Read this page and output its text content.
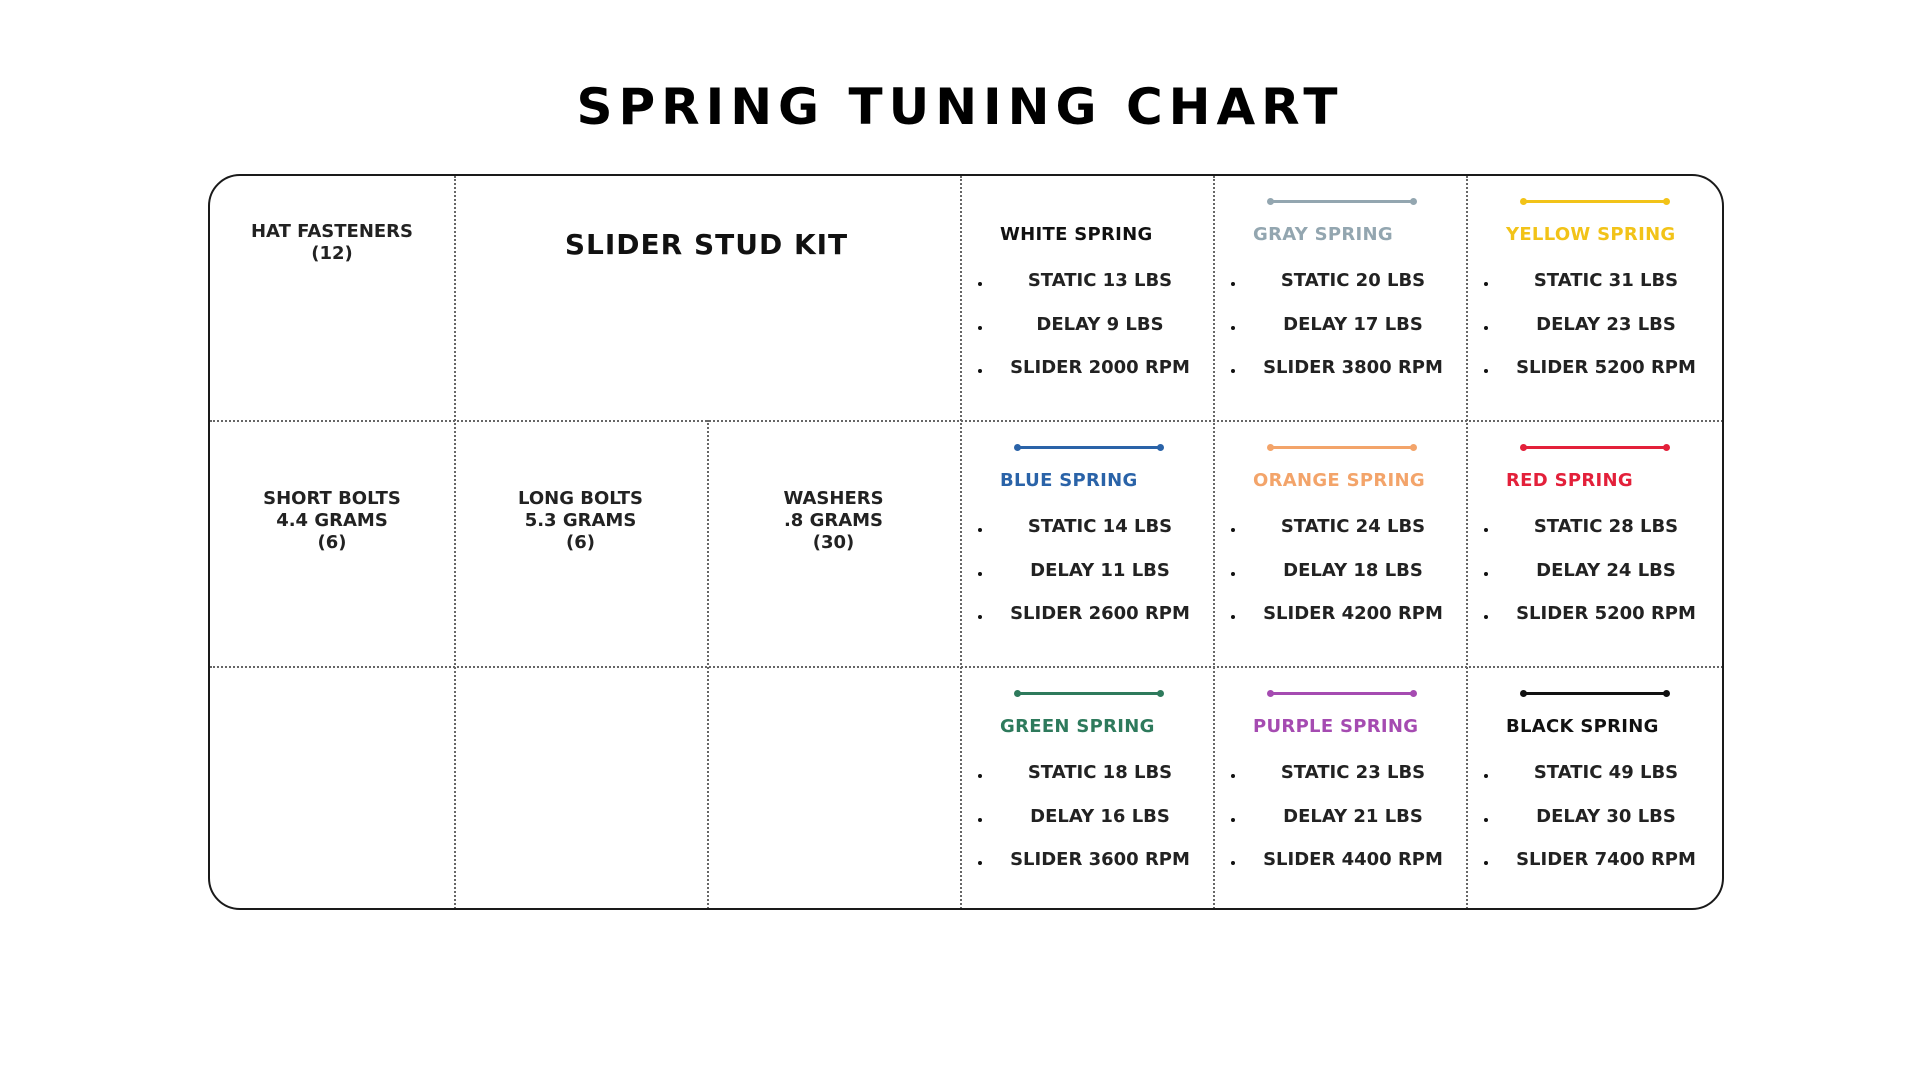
SPRING TUNING CHART
HAT FASTENERS
(12)	SLIDER STUD KIT
SHORT BOLTS
4.4 GRAMS
(6)
LONG BOLTS
5.3 GRAMS
(6)
WASHERS
.8 GRAMS
(30)
WHITE SPRING
STATIC 13 LBS
DELAY 9 LBS
SLIDER 2000 RPM
GRAY SPRING
STATIC 20 LBS
DELAY 17 LBS
SLIDER 3800 RPM
YELLOW SPRING
STATIC 31 LBS
DELAY 23 LBS
SLIDER 5200 RPM
BLUE SPRING
STATIC 14 LBS
DELAY 11 LBS
SLIDER 2600 RPM
ORANGE SPRING
STATIC 24 LBS
DELAY 18 LBS
SLIDER 4200 RPM
RED SPRING
STATIC 28 LBS
DELAY 24 LBS
SLIDER 5200 RPM
GREEN SPRING
STATIC 18 LBS
DELAY 16 LBS
SLIDER 3600 RPM
PURPLE SPRING
STATIC 23 LBS
DELAY 21 LBS
SLIDER 4400 RPM
BLACK SPRING
STATIC 49 LBS
DELAY 30 LBS
SLIDER 7400 RPM
